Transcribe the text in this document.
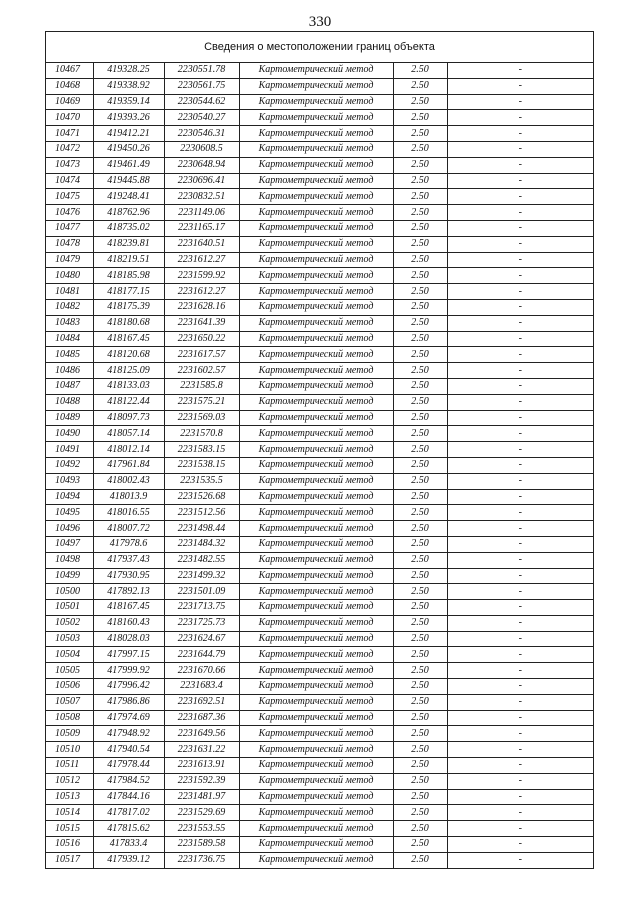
330
Сведения о местоположении границ объекта
10467	419328.25	2230551.78	Картометрический метод	2.50	-
10468	419338.92	2230561.75	Картометрический метод	2.50	-
10469	419359.14	2230544.62	Картометрический метод	2.50	-
10470	419393.26	2230540.27	Картометрический метод	2.50	-
10471	419412.21	2230546.31	Картометрический метод	2.50	-
10472	419450.26	2230608.5	Картометрический метод	2.50	-
10473	419461.49	2230648.94	Картометрический метод	2.50	-
10474	419445.88	2230696.41	Картометрический метод	2.50	-
10475	419248.41	2230832.51	Картометрический метод	2.50	-
10476	418762.96	2231149.06	Картометрический метод	2.50	-
10477	418735.02	2231165.17	Картометрический метод	2.50	-
10478	418239.81	2231640.51	Картометрический метод	2.50	-
10479	418219.51	2231612.27	Картометрический метод	2.50	-
10480	418185.98	2231599.92	Картометрический метод	2.50	-
10481	418177.15	2231612.27	Картометрический метод	2.50	-
10482	418175.39	2231628.16	Картометрический метод	2.50	-
10483	418180.68	2231641.39	Картометрический метод	2.50	-
10484	418167.45	2231650.22	Картометрический метод	2.50	-
10485	418120.68	2231617.57	Картометрический метод	2.50	-
10486	418125.09	2231602.57	Картометрический метод	2.50	-
10487	418133.03	2231585.8	Картометрический метод	2.50	-
10488	418122.44	2231575.21	Картометрический метод	2.50	-
10489	418097.73	2231569.03	Картометрический метод	2.50	-
10490	418057.14	2231570.8	Картометрический метод	2.50	-
10491	418012.14	2231583.15	Картометрический метод	2.50	-
10492	417961.84	2231538.15	Картометрический метод	2.50	-
10493	418002.43	2231535.5	Картометрический метод	2.50	-
10494	418013.9	2231526.68	Картометрический метод	2.50	-
10495	418016.55	2231512.56	Картометрический метод	2.50	-
10496	418007.72	2231498.44	Картометрический метод	2.50	-
10497	417978.6	2231484.32	Картометрический метод	2.50	-
10498	417937.43	2231482.55	Картометрический метод	2.50	-
10499	417930.95	2231499.32	Картометрический метод	2.50	-
10500	417892.13	2231501.09	Картометрический метод	2.50	-
10501	418167.45	2231713.75	Картометрический метод	2.50	-
10502	418160.43	2231725.73	Картометрический метод	2.50	-
10503	418028.03	2231624.67	Картометрический метод	2.50	-
10504	417997.15	2231644.79	Картометрический метод	2.50	-
10505	417999.92	2231670.66	Картометрический метод	2.50	-
10506	417996.42	2231683.4	Картометрический метод	2.50	-
10507	417986.86	2231692.51	Картометрический метод	2.50	-
10508	417974.69	2231687.36	Картометрический метод	2.50	-
10509	417948.92	2231649.56	Картометрический метод	2.50	-
10510	417940.54	2231631.22	Картометрический метод	2.50	-
10511	417978.44	2231613.91	Картометрический метод	2.50	-
10512	417984.52	2231592.39	Картометрический метод	2.50	-
10513	417844.16	2231481.97	Картометрический метод	2.50	-
10514	417817.02	2231529.69	Картометрический метод	2.50	-
10515	417815.62	2231553.55	Картометрический метод	2.50	-
10516	417833.4	2231589.58	Картометрический метод	2.50	-
10517	417939.12	2231736.75	Картометрический метод	2.50	-
